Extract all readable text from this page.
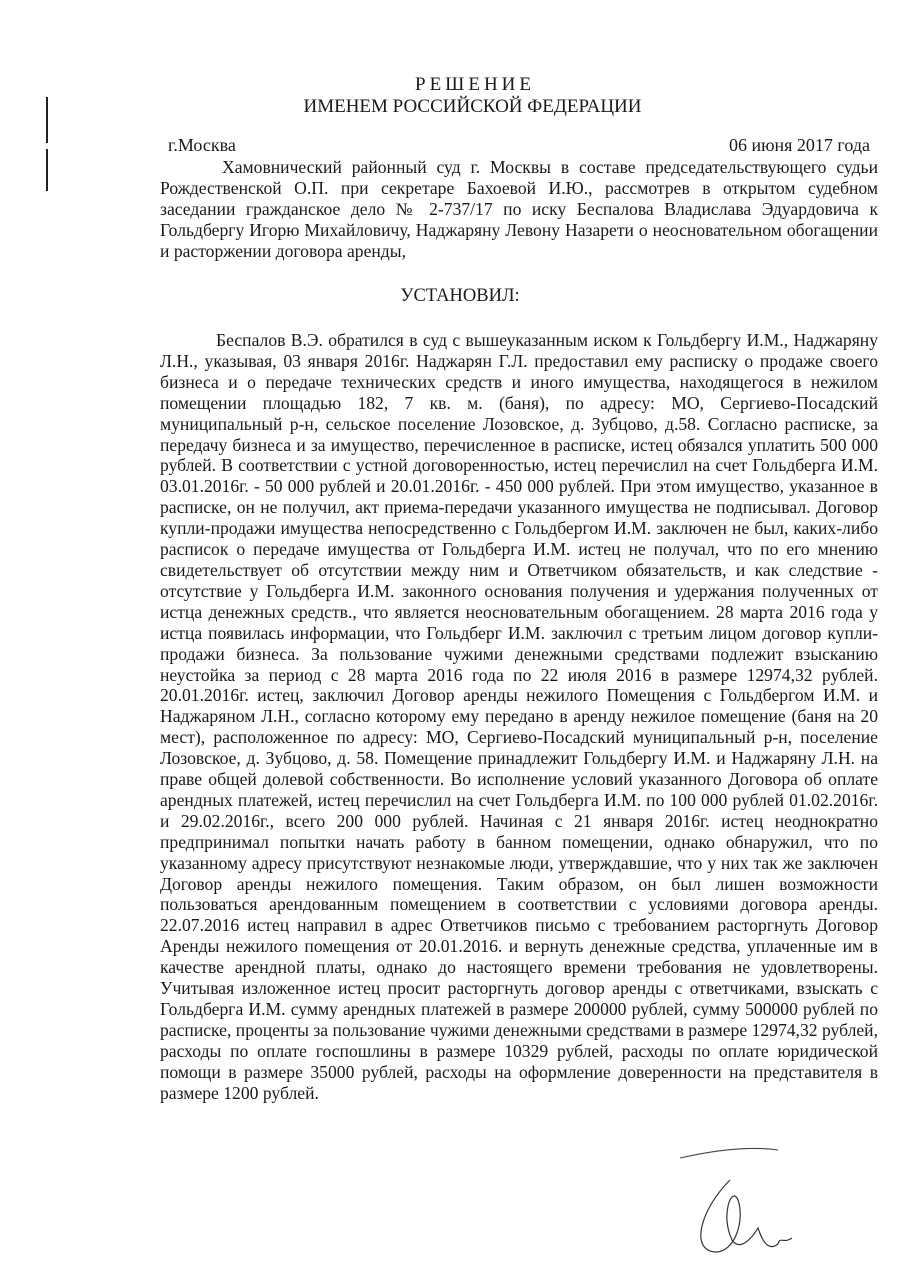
РЕШЕНИЕ
ИМЕНЕМ РОССИЙСКОЙ ФЕДЕРАЦИИ
г.Москва	06 июня 2017 года

Хамовнический районный суд г. Москвы в составе председательствующего судьи Рождественской О.П. при секретаре Бахоевой И.Ю., рассмотрев в открытом судебном заседании гражданское дело № 2-737/17 по иску Беспалова Владислава Эдуардовича к Гольдбергу Игорю Михайловичу, Наджаряну Левону Назарети о неосновательном обогащении и расторжении договора аренды,

УСТАНОВИЛ:

Беспалов В.Э. обратился в суд с вышеуказанным иском к Гольдбергу И.М., Наджаряну Л.Н., указывая, 03 января 2016г. Наджарян Г.Л. предоставил ему расписку о продаже своего бизнеса и о передаче технических средств и иного имущества, находящегося в нежилом помещении площадью 182, 7 кв. м. (баня), по адресу: МО, Сергиево-Посадский муниципальный р-н, сельское поселение Лозовское, д. Зубцово, д.58. Согласно расписке, за передачу бизнеса и за имущество, перечисленное в расписке, истец обязался уплатить 500 000 рублей. В соответствии с устной договоренностью, истец перечислил на счет Гольдберга И.М. 03.01.2016г. - 50 000 рублей и 20.01.2016г. - 450 000 рублей. При этом имущество, указанное в расписке, он не получил, акт приема-передачи указанного имущества не подписывал. Договор купли-продажи имущества непосредственно с Гольдбергом И.М. заключен не был, каких-либо расписок о передаче имущества от Гольдберга И.М. истец не получал, что по его мнению свидетельствует об отсутствии между ним и Ответчиком обязательств, и как следствие - отсутствие у Гольдберга И.М. законного основания получения и удержания полученных от истца денежных средств., что является неосновательным обогащением. 28 марта 2016 года у истца появилась информации, что Гольдберг И.М. заключил с третьим лицом договор купли-продажи бизнеса. За пользование чужими денежными средствами подлежит взысканию неустойка за период с 28 марта 2016 года по 22 июля 2016 в размере 12974,32 рублей. 20.01.2016г. истец, заключил Договор аренды нежилого Помещения с Гольдбергом И.М. и Наджаряном Л.Н., согласно которому ему передано в аренду нежилое помещение (баня на 20 мест), расположенное по адресу: МО, Сергиево-Посадский муниципальный р-н, поселение Лозовское, д. Зубцово, д. 58. Помещение принадлежит Гольдбергу И.М. и Наджаряну Л.Н. на праве общей долевой собственности. Во исполнение условий указанного Договора об оплате арендных платежей, истец перечислил на счет Гольдберга И.М. по 100 000 рублей 01.02.2016г. и 29.02.2016г., всего 200 000 рублей. Начиная с 21 января 2016г. истец неоднократно предпринимал попытки начать работу в банном помещении, однако обнаружил, что по указанному адресу присутствуют незнакомые люди, утверждавшие, что у них так же заключен Договор аренды нежилого помещения. Таким образом, он был лишен возможности пользоваться арендованным помещением в соответствии с условиями договора аренды. 22.07.2016 истец направил в адрес Ответчиков письмо с требованием расторгнуть Договор Аренды нежилого помещения от 20.01.2016. и вернуть денежные средства, уплаченные им в качестве арендной платы, однако до настоящего времени требования не удовлетворены. Учитывая изложенное истец просит расторгнуть договор аренды с ответчиками, взыскать с Гольдберга И.М. сумму арендных платежей в размере 200000 рублей, сумму 500000 рублей по расписке, проценты за пользование чужими денежными средствами в размере 12974,32 рублей, расходы по оплате госпошлины в размере 10329 рублей, расходы по оплате юридической помощи в размере 35000 рублей, расходы на оформление доверенности на представителя в размере 1200 рублей.
